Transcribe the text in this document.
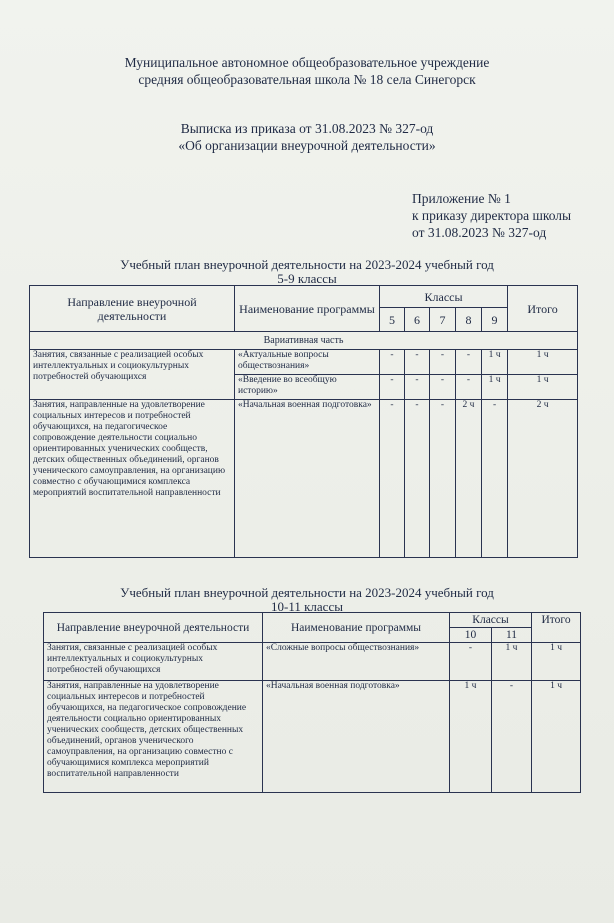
Муниципальное автономное общеобразовательное учреждение
средняя общеобразовательная школа № 18 села Синегорск
Выписка из приказа от 31.08.2023 № 327-од
«Об организации внеурочной деятельности»
Приложение № 1
к приказу директора школы
от 31.08.2023 № 327-од
Учебный план внеурочной деятельности на 2023-2024 учебный год
5-9 классы
Направление внеурочной деятельности	Наименование программы	Классы					Итого
		5	6	7	8	9	
Вариативная часть							
Занятия, связанные с реализацией особых интеллектуальных и социокультурных потребностей обучающихся	«Актуальные вопросы обществознания»	-	-	-	-	1 ч	1 ч
	«Введение во всеобщую историю»	-	-	-	-	1 ч	1 ч
Занятия, направленные на удовлетворение социальных интересов и потребностей обучающихся, на педагогическое сопровождение деятельности социально ориентированных ученических сообществ, детских общественных объединений, органов ученического самоуправления, на организацию совместно с обучающимися комплекса мероприятий воспитательной направленности	«Начальная военная подготовка»	-	-	-	2 ч	-	2 ч
Учебный план внеурочной деятельности на 2023-2024 учебный год
10-11 классы
Направление внеурочной деятельности	Наименование программы	Классы		Итого
		10	11	
Занятия, связанные с реализацией особых интеллектуальных и социокультурных потребностей обучающихся	«Сложные вопросы обществознания»	-	1 ч	1 ч
Занятия, направленные на удовлетворение социальных интересов и потребностей обучающихся, на педагогическое сопровождение деятельности социально ориентированных ученических сообществ, детских общественных объединений, органов ученического самоуправления, на организацию совместно с обучающимися комплекса мероприятий воспитательной направленности	«Начальная военная подготовка»	1 ч	-	1 ч
